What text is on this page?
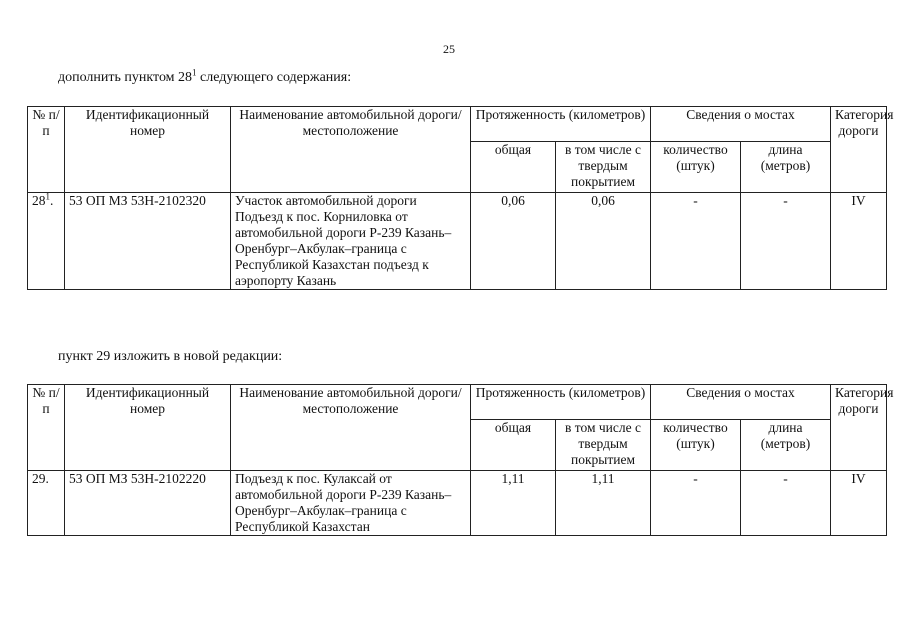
25
дополнить пунктом $28^1$ следующего содержания:
№ п/п	Идентификационный номер	Наименование автомобильной дороги/местоположение	Протяженность (километров)		Сведения о мостах		Категория дороги
			общая	в том числе с твердым покрытием	количество (штук)	длина (метров)	
$28^1$.	53 ОП МЗ 53Н-2102320	Участок автомобильной дороги Подъезд к пос. Корниловка от автомобильной дороги Р-239 Казань–Оренбург–Акбулак–граница с Республикой Казахстан подъезд к аэропорту Казань	0,06	0,06	-	-	IV
пункт 29 изложить в новой редакции:
№ п/п	Идентификационный номер	Наименование автомобильной дороги/местоположение	Протяженность (километров)		Сведения о мостах		Категория дороги
			общая	в том числе с твердым покрытием	количество (штук)	длина (метров)	
29.	53 ОП МЗ 53Н-2102220	Подъезд к пос. Кулаксай от автомобильной дороги Р-239 Казань–Оренбург–Акбулак–граница с Республикой Казахстан	1,11	1,11	-	-	IV
